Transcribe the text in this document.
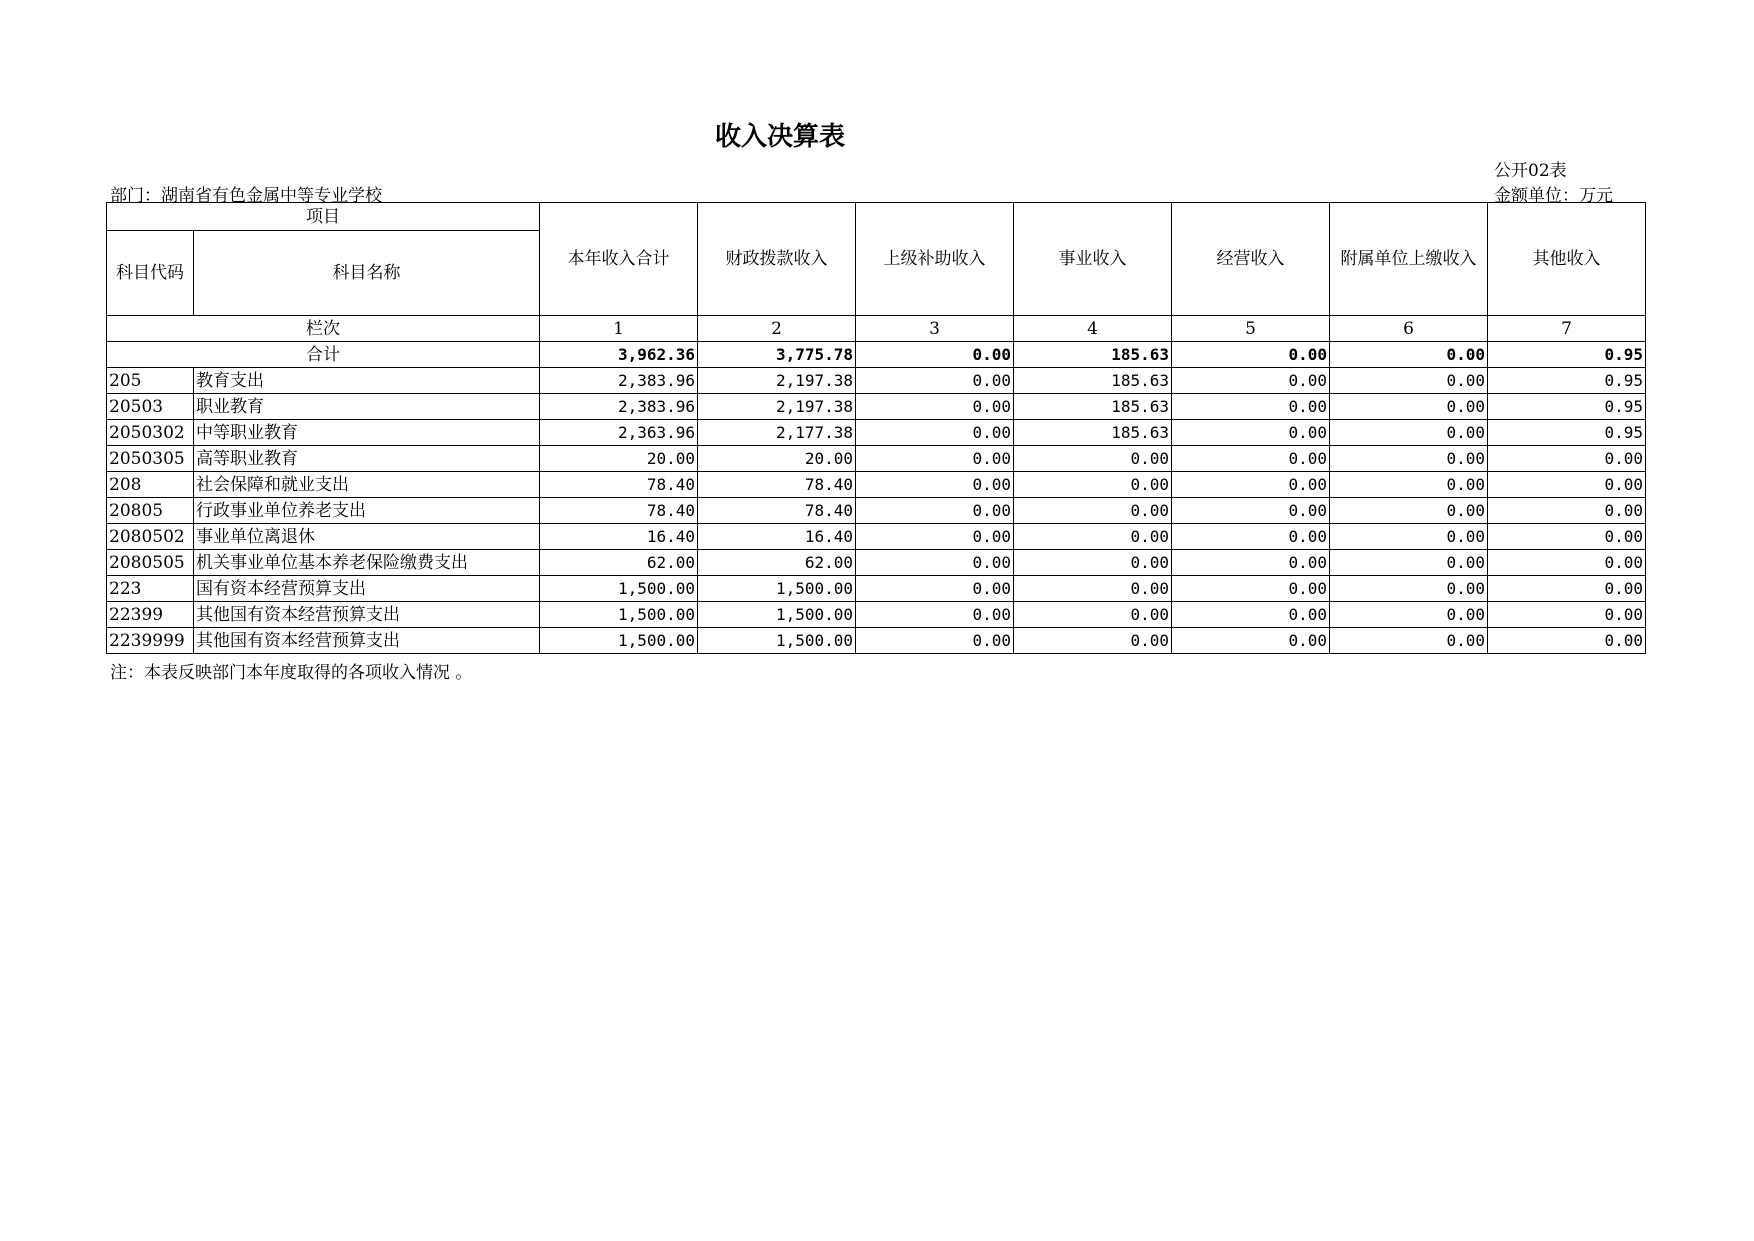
收入决算表
公开02表
部门：湖南省有色金属中等专业学校	金额单位：万元
项目		本年收入合计	财政拨款收入	上级补助收入	事业收入	经营收入	附属单位上缴收入	其他收入
科目代码	科目名称							
栏次		1	2	3	4	5	6	7
合计		3,962.36	3,775.78	0.00	185.63	0.00	0.00	0.95
205	教育支出	2,383.96	2,197.38	0.00	185.63	0.00	0.00	0.95
20503	职业教育	2,383.96	2,197.38	0.00	185.63	0.00	0.00	0.95
2050302	中等职业教育	2,363.96	2,177.38	0.00	185.63	0.00	0.00	0.95
2050305	高等职业教育	20.00	20.00	0.00	0.00	0.00	0.00	0.00
208	社会保障和就业支出	78.40	78.40	0.00	0.00	0.00	0.00	0.00
20805	行政事业单位养老支出	78.40	78.40	0.00	0.00	0.00	0.00	0.00
2080502	事业单位离退休	16.40	16.40	0.00	0.00	0.00	0.00	0.00
2080505	机关事业单位基本养老保险缴费支出	62.00	62.00	0.00	0.00	0.00	0.00	0.00
223	国有资本经营预算支出	1,500.00	1,500.00	0.00	0.00	0.00	0.00	0.00
22399	其他国有资本经营预算支出	1,500.00	1,500.00	0.00	0.00	0.00	0.00	0.00
2239999	其他国有资本经营预算支出	1,500.00	1,500.00	0.00	0.00	0.00	0.00	0.00
注：本表反映部门本年度取得的各项收入情况 。
